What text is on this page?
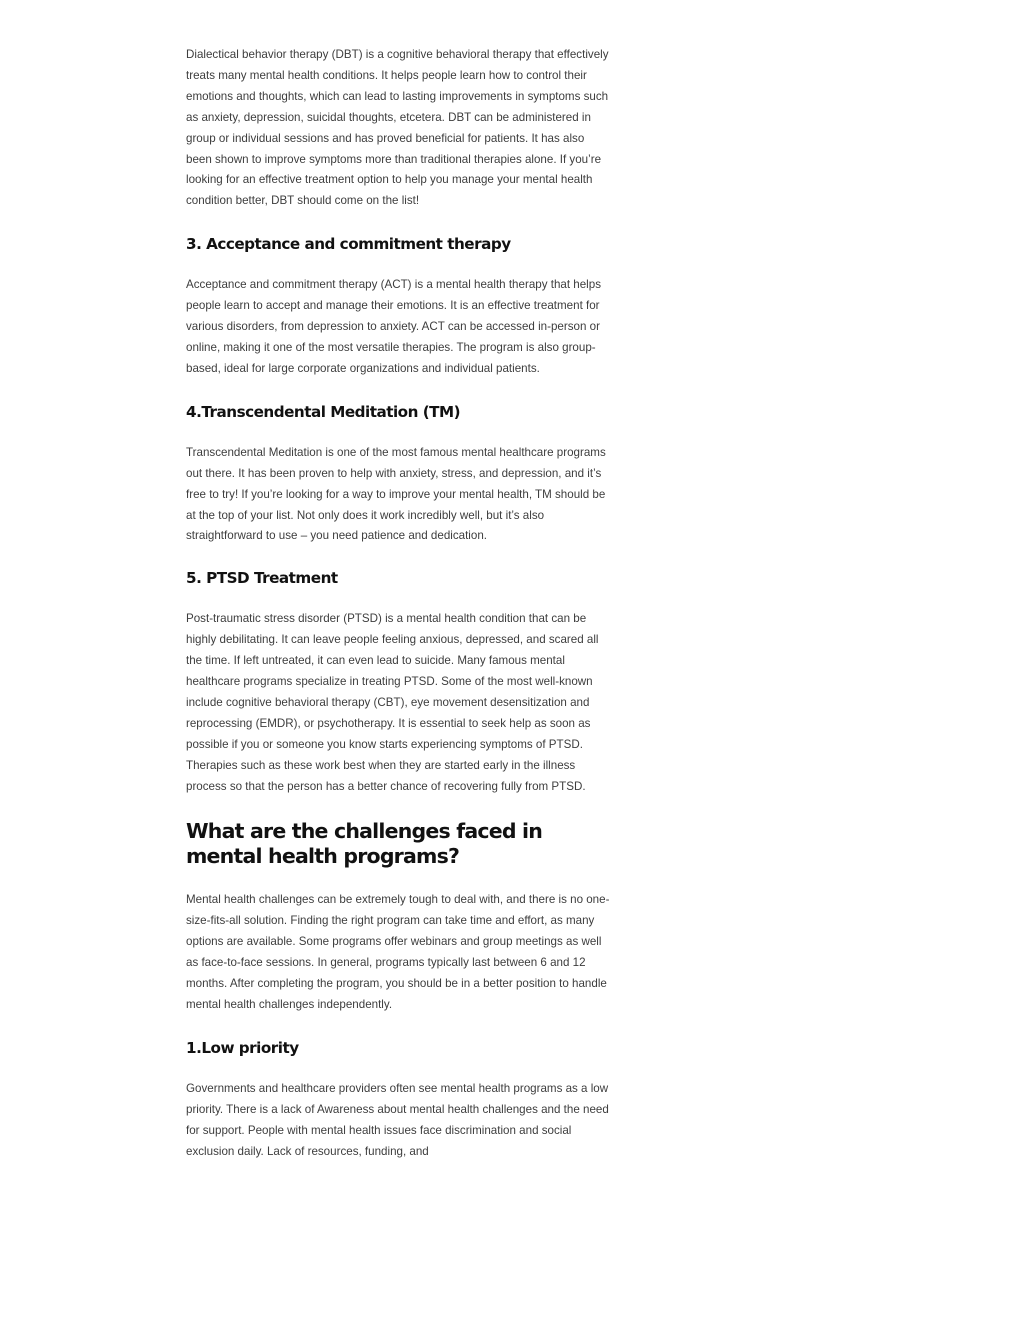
Dialectical behavior therapy (DBT) is a cognitive behavioral therapy that effectively treats many mental health conditions. It helps people learn how to control their emotions and thoughts, which can lead to lasting improvements in symptoms such as anxiety, depression, suicidal thoughts, etcetera. DBT can be administered in group or individual sessions and has proved beneficial for patients. It has also been shown to improve symptoms more than traditional therapies alone. If you’re looking for an effective treatment option to help you manage your mental health condition better, DBT should come on the list!

3. Acceptance and commitment therapy

Acceptance and commitment therapy (ACT) is a mental health therapy that helps people learn to accept and manage their emotions. It is an effective treatment for various disorders, from depression to anxiety. ACT can be accessed in-person or online, making it one of the most versatile therapies. The program is also group-based, ideal for large corporate organizations and individual patients.

4.Transcendental Meditation (TM)

Transcendental Meditation is one of the most famous mental healthcare programs out there. It has been proven to help with anxiety, stress, and depression, and it’s free to try! If you’re looking for a way to improve your mental health, TM should be at the top of your list. Not only does it work incredibly well, but it’s also straightforward to use – you need patience and dedication.

5. PTSD Treatment

Post-traumatic stress disorder (PTSD) is a mental health condition that can be highly debilitating. It can leave people feeling anxious, depressed, and scared all the time. If left untreated, it can even lead to suicide. Many famous mental healthcare programs specialize in treating PTSD. Some of the most well-known include cognitive behavioral therapy (CBT), eye movement desensitization and reprocessing (EMDR), or psychotherapy. It is essential to seek help as soon as possible if you or someone you know starts experiencing symptoms of PTSD. Therapies such as these work best when they are started early in the illness process so that the person has a better chance of recovering fully from PTSD.

What are the challenges faced in mental health programs?

Mental health challenges can be extremely tough to deal with, and there is no one-size-fits-all solution. Finding the right program can take time and effort, as many options are available. Some programs offer webinars and group meetings as well as face-to-face sessions. In general, programs typically last between 6 and 12 months. After completing the program, you should be in a better position to handle mental health challenges independently.

1.Low priority

Governments and healthcare providers often see mental health programs as a low priority. There is a lack of Awareness about mental health challenges and the need for support. People with mental health issues face discrimination and social exclusion daily. Lack of resources, funding, and
